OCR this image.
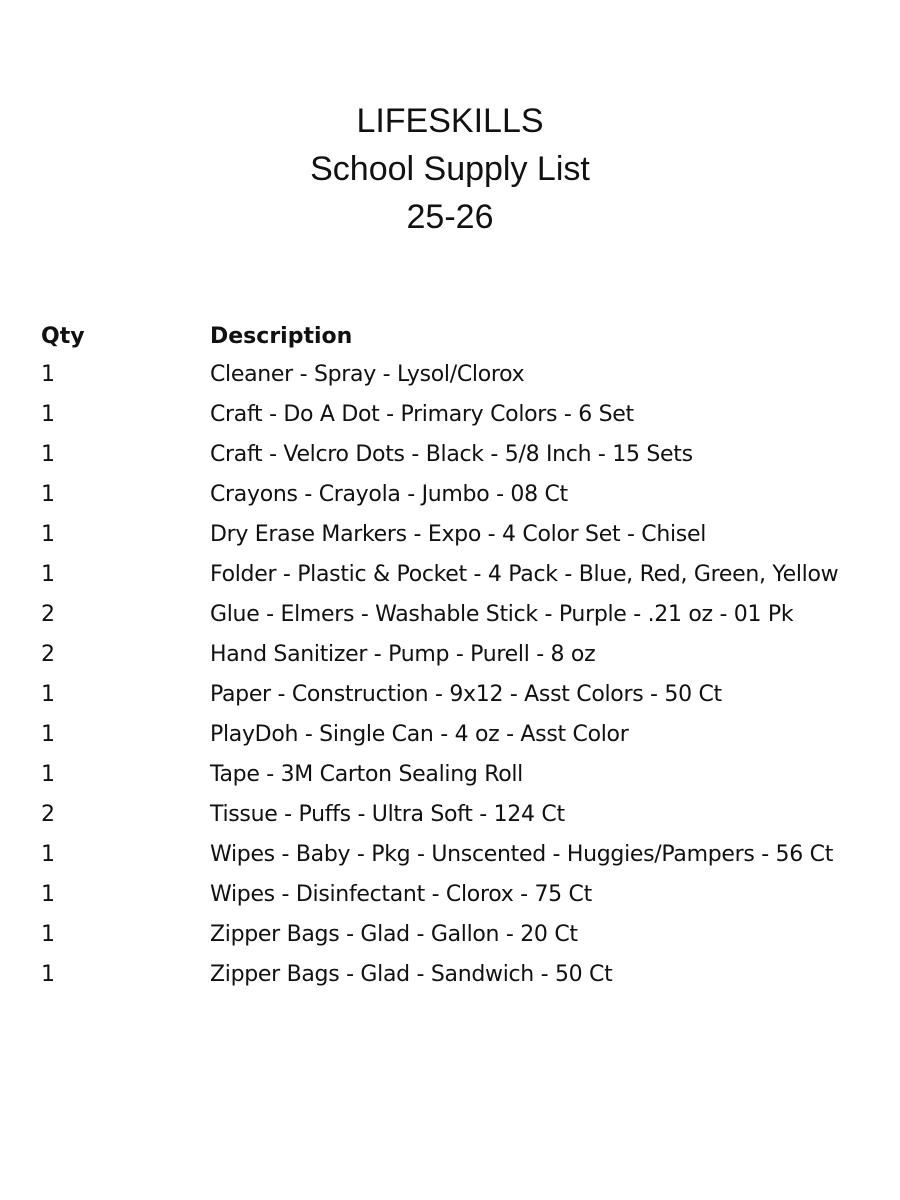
LIFESKILLS
School Supply List
25-26
Qty	Description
1	Cleaner - Spray - Lysol/Clorox
1	Craft - Do A Dot - Primary Colors - 6 Set
1	Craft - Velcro Dots - Black - 5/8 Inch - 15 Sets
1	Crayons - Crayola - Jumbo - 08 Ct
1	Dry Erase Markers - Expo - 4 Color Set - Chisel
1	Folder - Plastic & Pocket - 4 Pack - Blue, Red, Green, Yellow
2	Glue - Elmers - Washable Stick - Purple - .21 oz - 01 Pk
2	Hand Sanitizer - Pump - Purell - 8 oz
1	Paper - Construction - 9x12 - Asst Colors - 50 Ct
1	PlayDoh - Single Can - 4 oz - Asst Color
1	Tape - 3M Carton Sealing Roll
2	Tissue - Puffs - Ultra Soft - 124 Ct
1	Wipes - Baby - Pkg - Unscented - Huggies/Pampers - 56 Ct
1	Wipes - Disinfectant - Clorox - 75 Ct
1	Zipper Bags - Glad - Gallon - 20 Ct
1	Zipper Bags - Glad - Sandwich - 50 Ct
